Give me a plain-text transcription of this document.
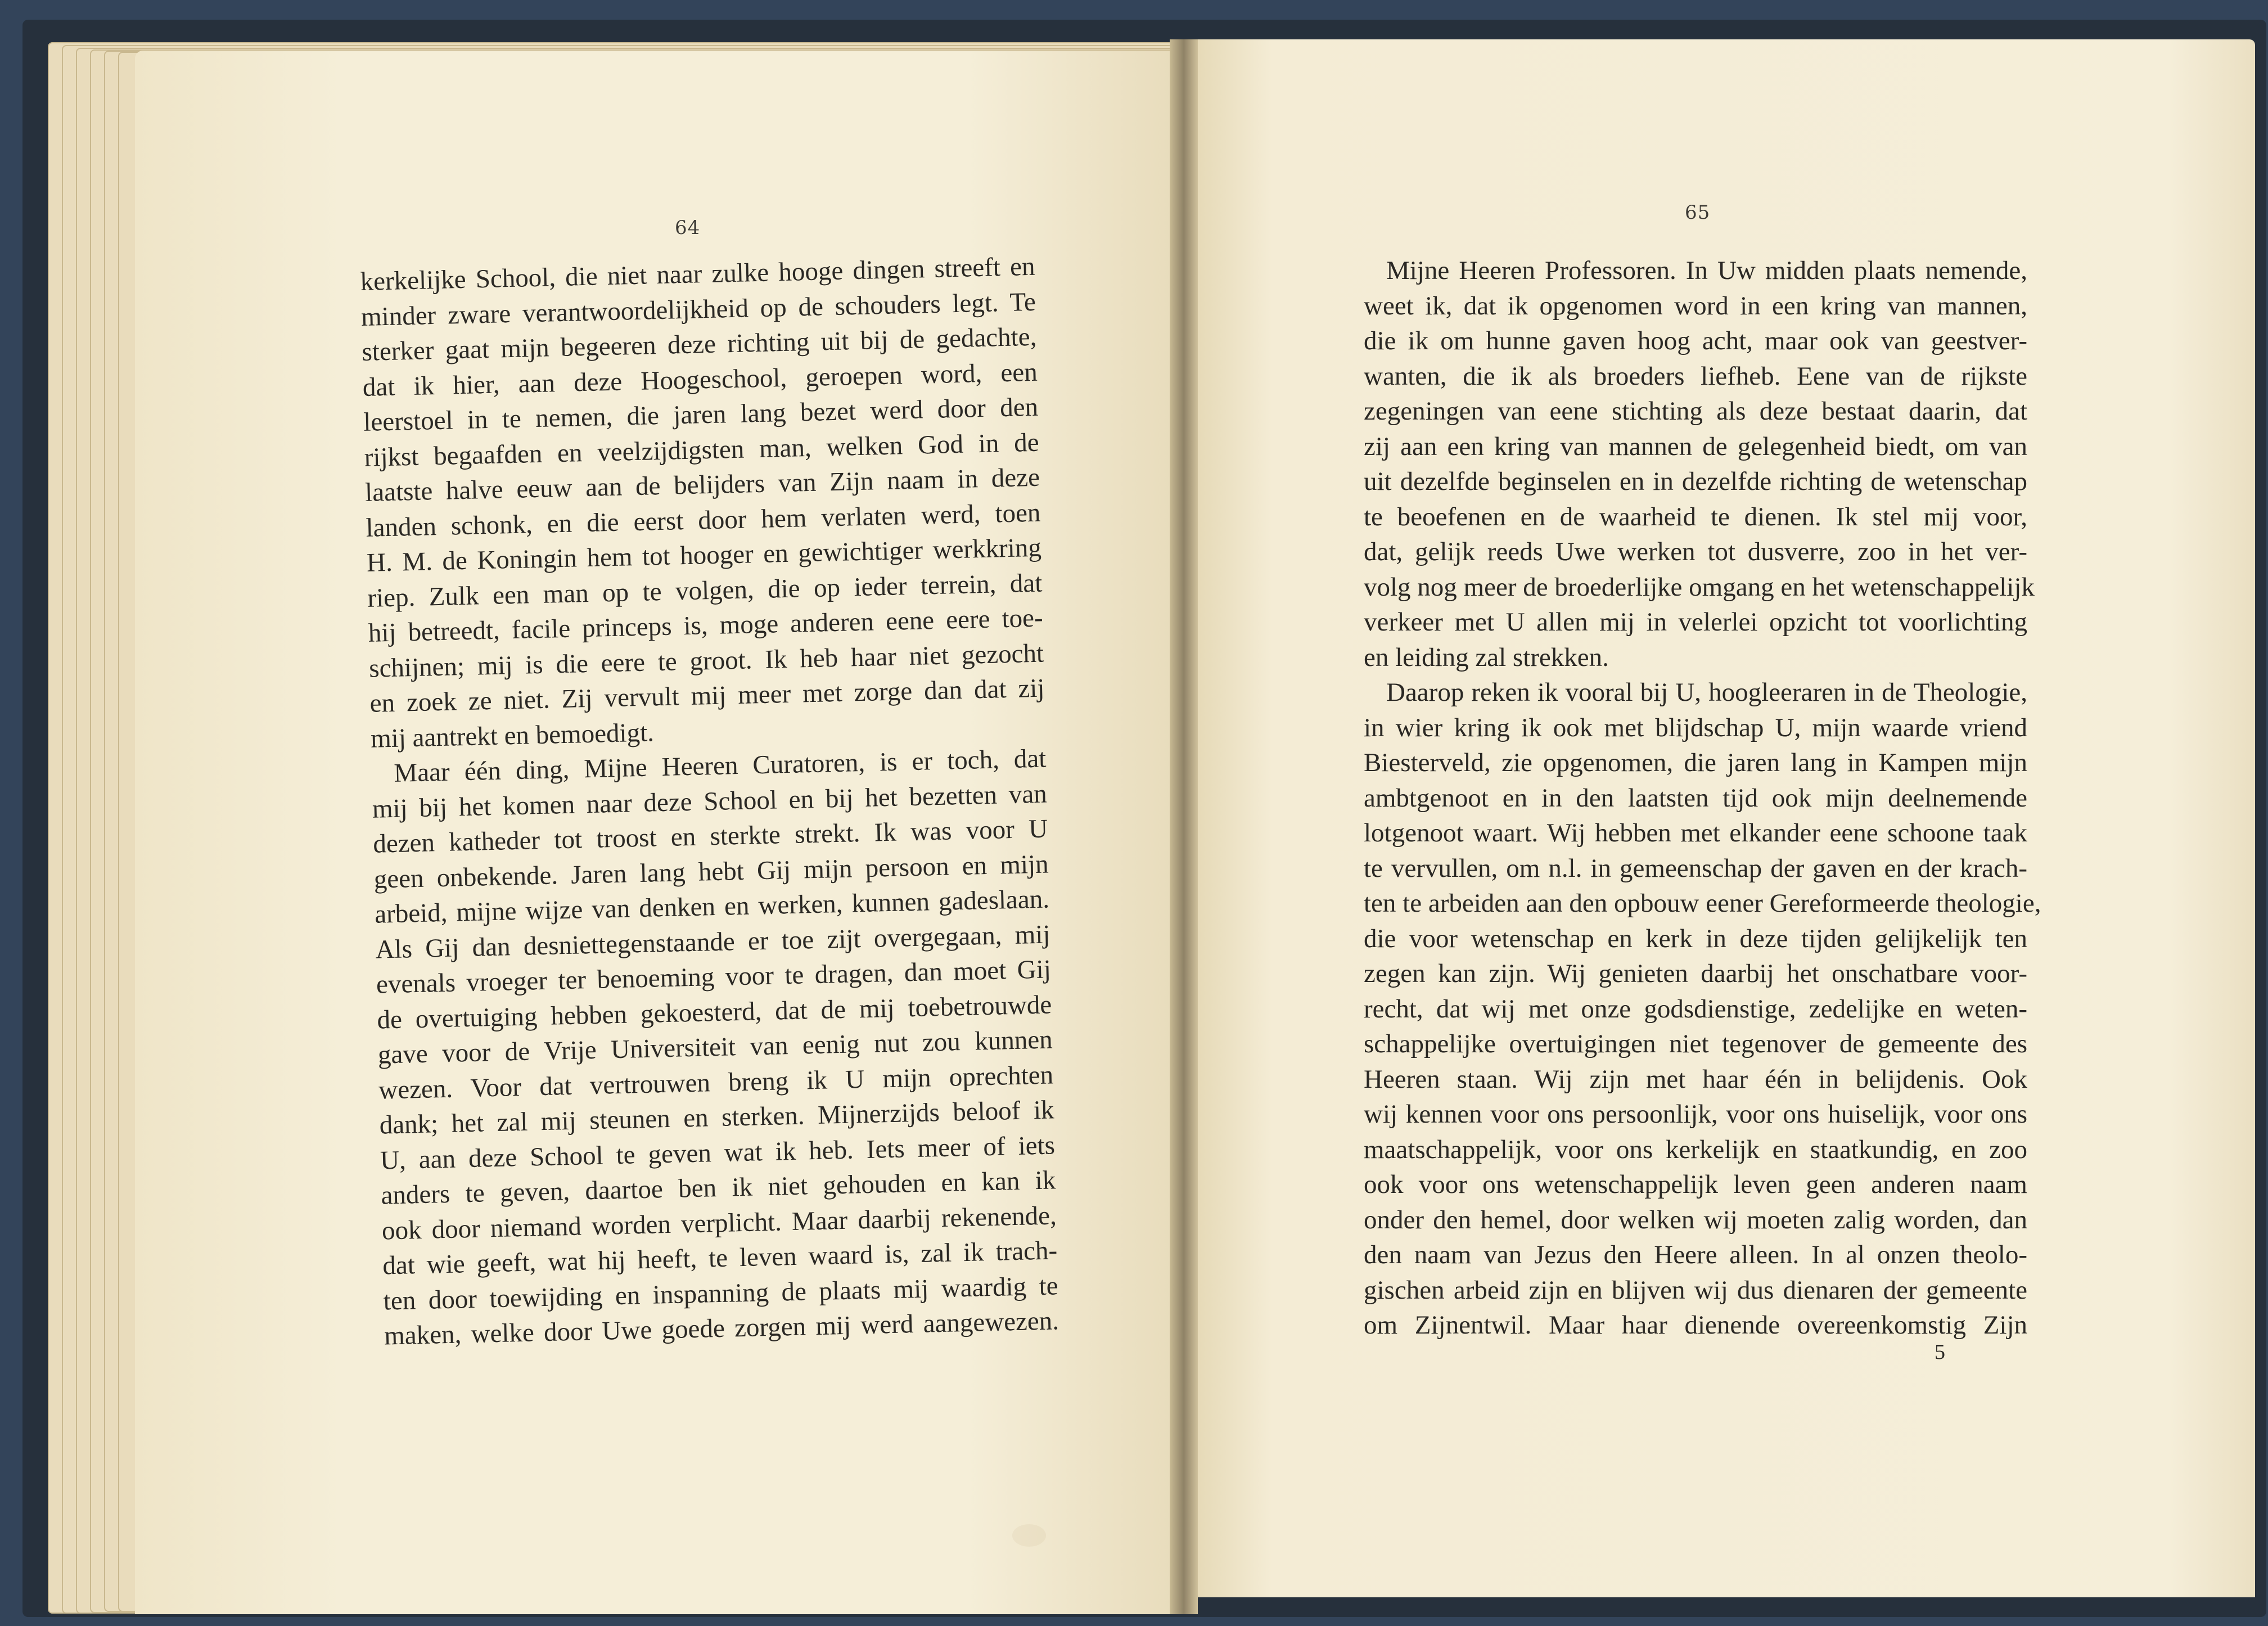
64
65
kerkelijke School, die niet naar zulke hooge dingen streeft en
minder zware verantwoordelijkheid op de schouders legt. Te
sterker gaat mijn begeeren deze richting uit bij de gedachte,
dat ik hier, aan deze Hoogeschool, geroepen word, een
leerstoel in te nemen, die jaren lang bezet werd door den
rijkst begaafden en veelzijdigsten man, welken God in de
laatste halve eeuw aan de belijders van Zijn naam in deze
landen schonk, en die eerst door hem verlaten werd, toen
H. M. de Koningin hem tot hooger en gewichtiger werkkring
riep. Zulk een man op te volgen, die op ieder terrein, dat
hij betreedt, facile princeps is, moge anderen eene eere toe-
schijnen; mij is die eere te groot. Ik heb haar niet gezocht
en zoek ze niet. Zij vervult mij meer met zorge dan dat zij
mij aantrekt en bemoedigt.
Maar één ding, Mijne Heeren Curatoren, is er toch, dat
mij bij het komen naar deze School en bij het bezetten van
dezen katheder tot troost en sterkte strekt. Ik was voor U
geen onbekende. Jaren lang hebt Gij mijn persoon en mijn
arbeid, mijne wijze van denken en werken, kunnen gadeslaan.
Als Gij dan desniettegenstaande er toe zijt overgegaan, mij
evenals vroeger ter benoeming voor te dragen, dan moet Gij
de overtuiging hebben gekoesterd, dat de mij toebetrouwde
gave voor de Vrije Universiteit van eenig nut zou kunnen
wezen. Voor dat vertrouwen breng ik U mijn oprechten
dank; het zal mij steunen en sterken. Mijnerzijds beloof ik
U, aan deze School te geven wat ik heb. Iets meer of iets
anders te geven, daartoe ben ik niet gehouden en kan ik
ook door niemand worden verplicht. Maar daarbij rekenende,
dat wie geeft, wat hij heeft, te leven waard is, zal ik trach-
ten door toewijding en inspanning de plaats mij waardig te
maken, welke door Uwe goede zorgen mij werd aangewezen.
Mijne Heeren Professoren. In Uw midden plaats nemende,
weet ik, dat ik opgenomen word in een kring van mannen,
die ik om hunne gaven hoog acht, maar ook van geestver-
wanten, die ik als broeders liefheb. Eene van de rijkste
zegeningen van eene stichting als deze bestaat daarin, dat
zij aan een kring van mannen de gelegenheid biedt, om van
uit dezelfde beginselen en in dezelfde richting de wetenschap
te beoefenen en de waarheid te dienen. Ik stel mij voor,
dat, gelijk reeds Uwe werken tot dusverre, zoo in het ver-
volg nog meer de broederlijke omgang en het wetenschappelijk
verkeer met U allen mij in velerlei opzicht tot voorlichting
en leiding zal strekken.
Daarop reken ik vooral bij U, hoogleeraren in de Theologie,
in wier kring ik ook met blijdschap U, mijn waarde vriend
Biesterveld, zie opgenomen, die jaren lang in Kampen mijn
ambtgenoot en in den laatsten tijd ook mijn deelnemende
lotgenoot waart. Wij hebben met elkander eene schoone taak
te vervullen, om n.l. in gemeenschap der gaven en der krach-
ten te arbeiden aan den opbouw eener Gereformeerde theologie,
die voor wetenschap en kerk in deze tijden gelijkelijk ten
zegen kan zijn. Wij genieten daarbij het onschatbare voor-
recht, dat wij met onze godsdienstige, zedelijke en weten-
schappelijke overtuigingen niet tegenover de gemeente des
Heeren staan. Wij zijn met haar één in belijdenis. Ook
wij kennen voor ons persoonlijk, voor ons huiselijk, voor ons
maatschappelijk, voor ons kerkelijk en staatkundig, en zoo
ook voor ons wetenschappelijk leven geen anderen naam
onder den hemel, door welken wij moeten zalig worden, dan
den naam van Jezus den Heere alleen. In al onzen theolo-
gischen arbeid zijn en blijven wij dus dienaren der gemeente
om Zijnentwil. Maar haar dienende overeenkomstig Zijn
5
